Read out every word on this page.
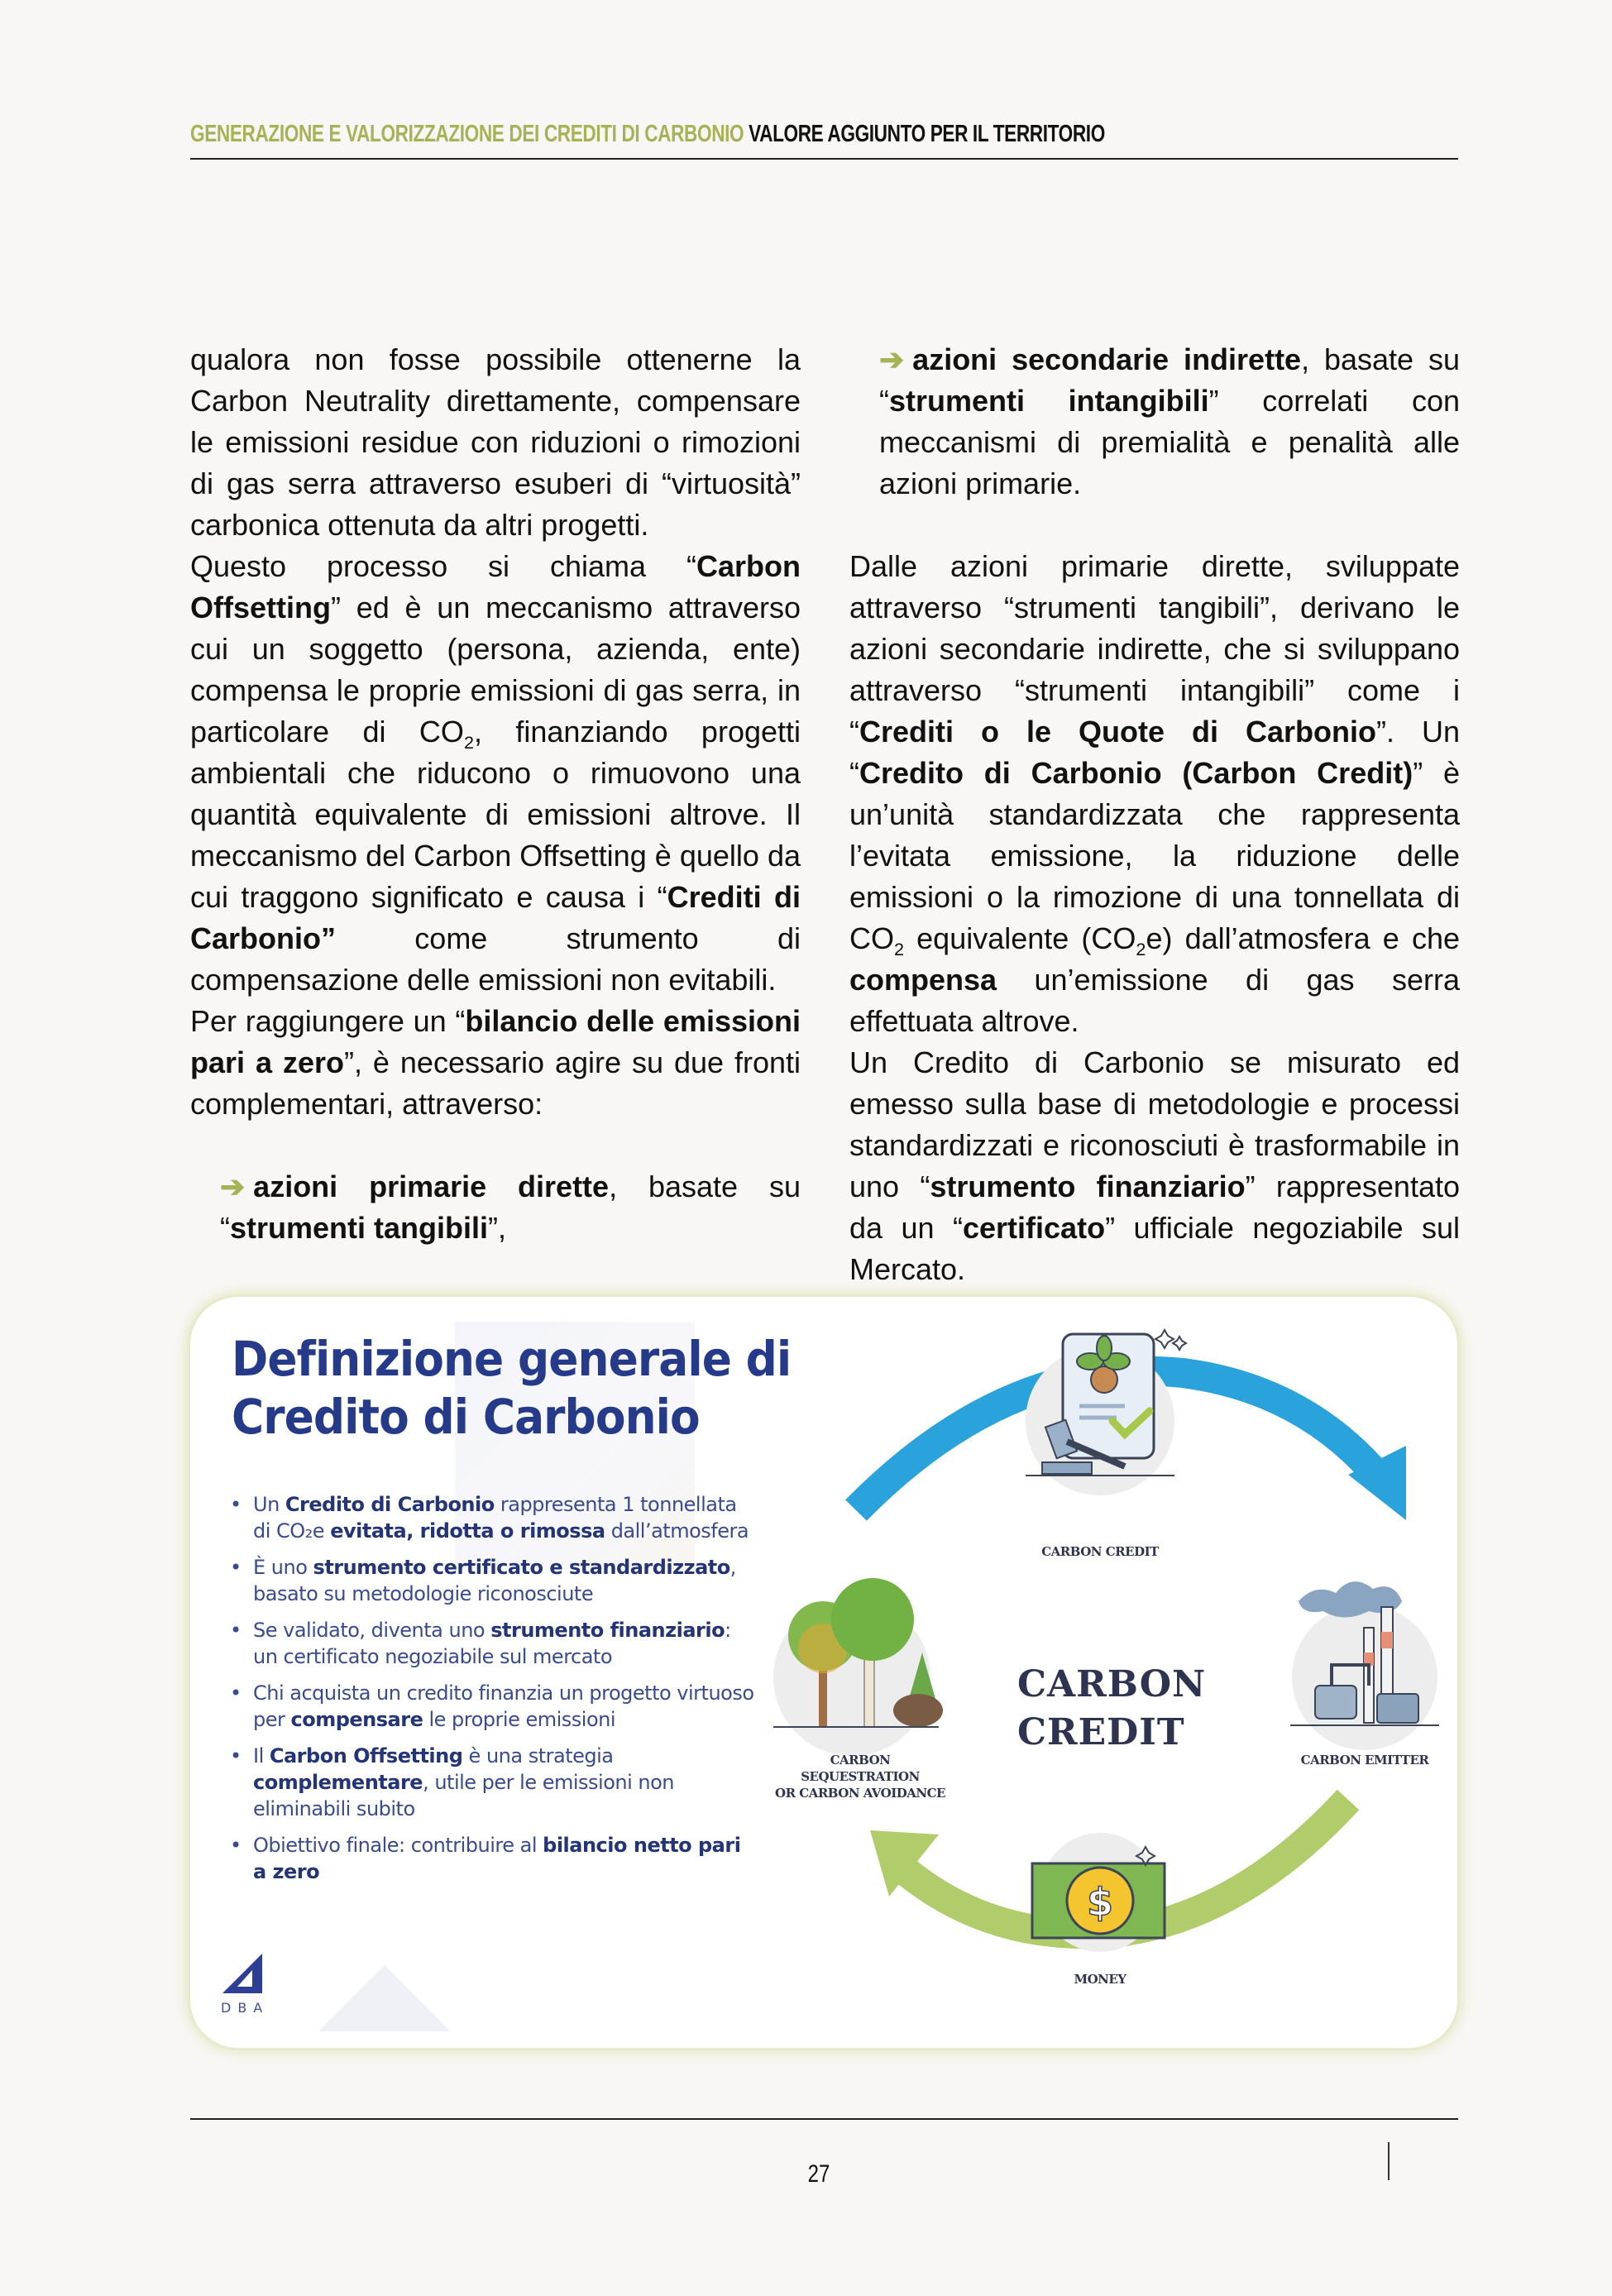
GENERAZIONE E VALORIZZAZIONE DEI CREDITI DI CARBONIO VALORE AGGIUNTO PER IL TERRITORIO

qualora non fosse possibile ottenerne la Carbon Neutrality direttamente, compensare le emissioni residue con riduzioni o rimozioni di gas serra attraverso esuberi di “virtuosità” carbonica ottenuta da altri progetti.

Questo processo si chiama “Carbon Offsetting” ed è un meccanismo attraverso cui un soggetto (persona, azienda, ente) compensa le proprie emissioni di gas serra, in particolare di $CO_2$, finanziando progetti ambientali che riducono o rimuovono una quantità equivalente di emissioni altrove. Il meccanismo del Carbon Offsetting è quello da cui traggono significato e causa i “Crediti di Carbonio” come strumento di compensazione delle emissioni non evitabili.

Per raggiungere un “bilancio delle emissioni pari a zero”, è necessario agire su due fronti complementari, attraverso:

➔ azioni primarie dirette, basate su “strumenti tangibili”,

➔ azioni secondarie indirette, basate su “strumenti intangibili” correlati con meccanismi di premialità e penalità alle azioni primarie.

Dalle azioni primarie dirette, sviluppate attraverso “strumenti tangibili”, derivano le azioni secondarie indirette, che si sviluppano attraverso “strumenti intangibili” come i “Crediti o le Quote di Carbonio”. Un “Credito di Carbonio (Carbon Credit)” è un’unità standardizzata che rappresenta l’evitata emissione, la riduzione delle emissioni o la rimozione di una tonnellata di $CO_2$ equivalente $(CO_2e)$ dall’atmosfera e che compensa un’emissione di gas serra effettuata altrove.

Un Credito di Carbonio se misurato ed emesso sulla base di metodologie e processi standardizzati e riconosciuti è trasformabile in uno “strumento finanziario” rappresentato da un “certificato” ufficiale negoziabile sul Mercato.

Definizione generale di
Credito di Carbonio
• Un Credito di Carbonio rappresenta 1 tonnellata di CO₂e evitata, ridotta o rimossa dall’atmosfera
• È uno strumento certificato e standardizzato, basato su metodologie riconosciute
• Se validato, diventa uno strumento finanziario: un certificato negoziabile sul mercato
• Chi acquista un credito finanzia un progetto virtuoso per compensare le proprie emissioni
• Il Carbon Offsetting è una strategia complementare, utile per le emissioni non eliminabili subito
• Obiettivo finale: contribuire al bilancio netto pari a zero
DBA
$
CARBON
CREDIT
CARBON CREDIT
CARBON SEQUESTRATION
OR CARBON AVOIDANCE
CARBON EMITTER
MONEY
27
